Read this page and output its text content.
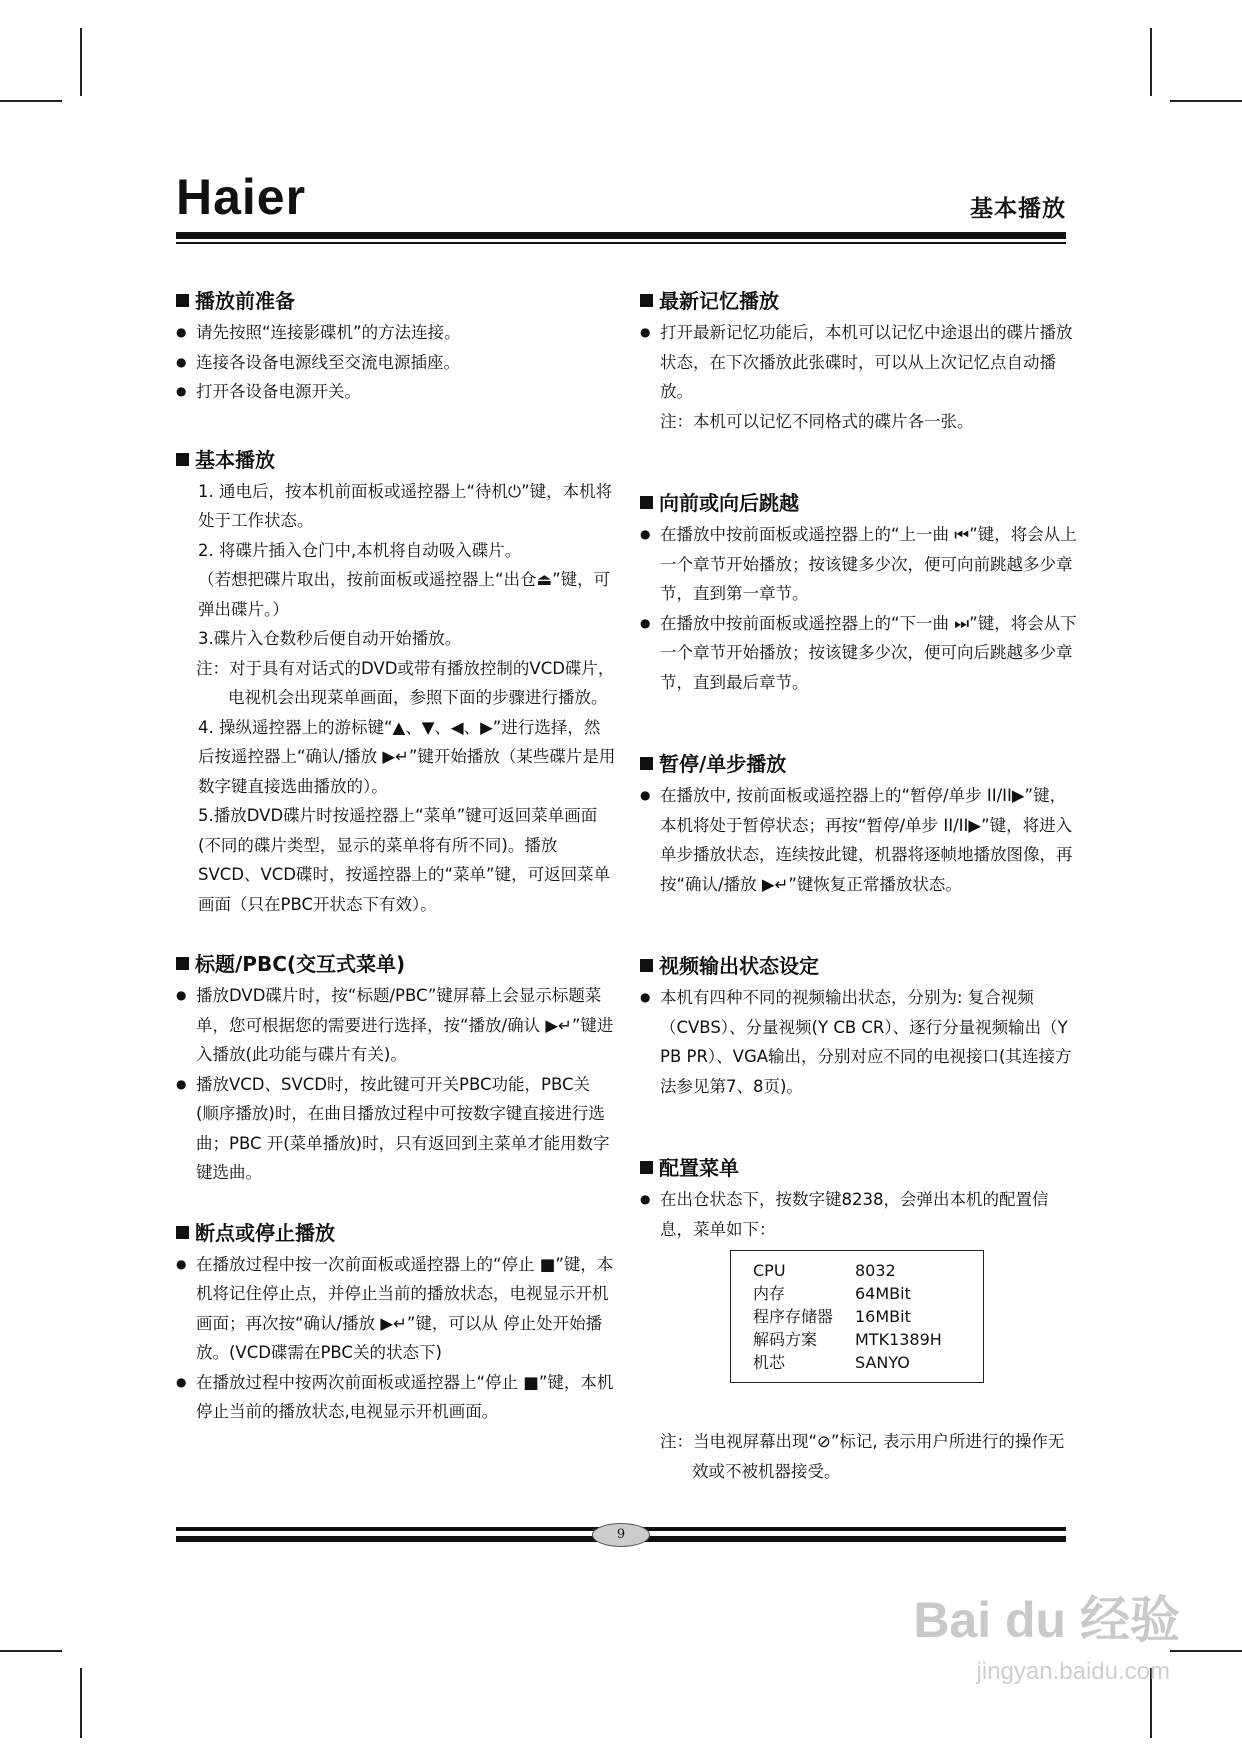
Haier	基本播放
播放前准备

● 请先按照“连接影碟机”的方法连接。

● 连接各设备电源线至交流电源插座。

● 打开各设备电源开关。

基本播放

1. 通电后，按本机前面板或遥控器上“待机⏻”键，本机将处于工作状态。

2. 将碟片插入仓门中,本机将自动吸入碟片。

（若想把碟片取出，按前面板或遥控器上“出仓⏏”键，可弹出碟片。）

3.碟片入仓数秒后便自动开始播放。

注：对于具有对话式的DVD或带有播放控制的VCD碟片，电视机会出现菜单画面，参照下面的步骤进行播放。

4. 操纵遥控器上的游标键“▲、▼、◀、▶”进行选择，然后按遥控器上“确认/播放 ▶↵”键开始播放（某些碟片是用数字键直接选曲播放的）。

5.播放DVD碟片时按遥控器上“菜单”键可返回菜单画面(不同的碟片类型，显示的菜单将有所不同)。播放SVCD、VCD碟时，按遥控器上的“菜单”键，可返回菜单画面（只在PBC开状态下有效）。

标题/PBC(交互式菜单)

● 播放DVD碟片时，按“标题/PBC”键屏幕上会显示标题菜单，您可根据您的需要进行选择，按“播放/确认 ▶↵”键进入播放(此功能与碟片有关)。

● 播放VCD、SVCD时，按此键可开关PBC功能，PBC关 (顺序播放)时，在曲目播放过程中可按数字键直接进行选曲；PBC 开(菜单播放)时，只有返回到主菜单才能用数字键选曲。

断点或停止播放

● 在播放过程中按一次前面板或遥控器上的“停止 ■”键，本机将记住停止点，并停止当前的播放状态，电视显示开机画面；再次按“确认/播放 ▶↵”键，可以从 停止处开始播放。(VCD碟需在PBC关的状态下)

● 在播放过程中按两次前面板或遥控器上“停止 ■”键，本机停止当前的播放状态,电视显示开机画面。

最新记忆播放

● 打开最新记忆功能后，本机可以记忆中途退出的碟片播放状态，在下次播放此张碟时，可以从上次记忆点自动播放。

注：本机可以记忆不同格式的碟片各一张。

向前或向后跳越

● 在播放中按前面板或遥控器上的“上一曲 ⏮”键，将会从上一个章节开始播放；按该键多少次，便可向前跳越多少章节，直到第一章节。

● 在播放中按前面板或遥控器上的“下一曲 ⏭”键，将会从下一个章节开始播放；按该键多少次，便可向后跳越多少章节，直到最后章节。

暂停/单步播放

● 在播放中, 按前面板或遥控器上的“暂停/单步 II/II▶”键，本机将处于暂停状态；再按“暂停/单步 II/II▶”键，将进入单步播放状态，连续按此键，机器将逐帧地播放图像，再按“确认/播放 ▶↵”键恢复正常播放状态。

视频输出状态设定

● 本机有四种不同的视频输出状态，分别为: 复合视频（CVBS）、分量视频(Y CB CR）、逐行分量视频输出（Y PB PR）、VGA输出，分别对应不同的电视接口(其连接方法参见第7、8页)。

配置菜单

● 在出仓状态下，按数字键8238，会弹出本机的配置信息，菜单如下：

CPU	8032
内存	64MBit
程序存储器	16MBit
解码方案	MTK1389H
机芯	SANYO

注：当电视屏幕出现“⊘”标记, 表示用户所进行的操作无效或不被机器接受。

9
Bai du 经验
jingyan.baidu.com
